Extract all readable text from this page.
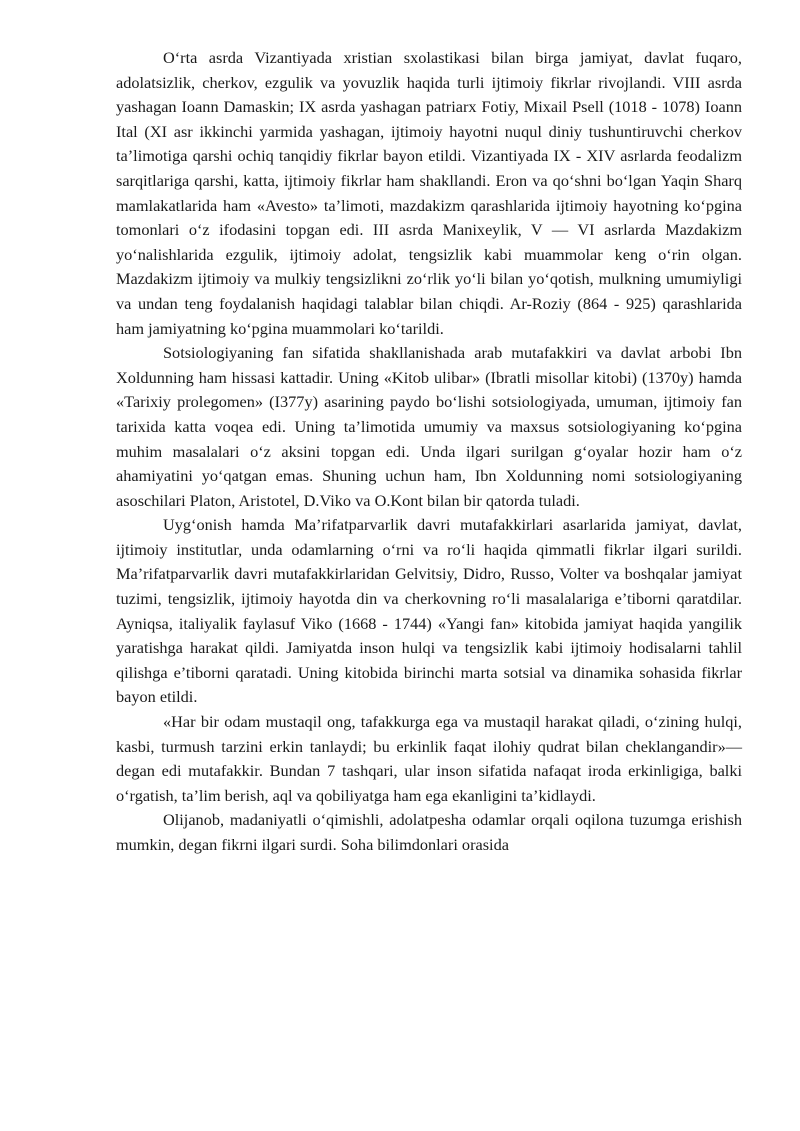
O‘rta asrda Vizantiyada xristian sxolastikasi bilan birga jamiyat, davlat fuqaro, adolatsizlik, cherkov, ezgulik va yovuzlik haqida turli ijtimoiy fikrlar rivojlandi. VIII asrda yashagan Ioann Damaskin; IX asrda yashagan patriarx Fotiy, Mixail Psell (1018 - 1078) Ioann Ital (XI asr ikkinchi yarmida yashagan, ijtimoiy hayotni nuqul diniy tushuntiruvchi cherkov ta’limotiga qarshi ochiq tanqidiy fikrlar bayon etildi. Vizantiyada IX - XIV asrlarda feodalizm sarqitlariga qarshi, katta, ijtimoiy fikrlar ham shakllandi. Eron va qo‘shni bo‘lgan Yaqin Sharq mamlakatlarida ham «Avesto» ta’limoti, mazdakizm qarashlarida ijtimoiy hayotning ko‘pgina tomonlari o‘z ifodasini topgan edi. III asrda Manixeylik, V — VI asrlarda Mazdakizm yo‘nalishlarida ezgulik, ijtimoiy adolat, tengsizlik kabi muammolar keng o‘rin olgan. Mazdakizm ijtimoiy va mulkiy tengsizlikni zo‘rlik yo‘li bilan yo‘qotish, mulkning umumiyligi va undan teng foydalanish haqidagi talablar bilan chiqdi. Ar-Roziy (864 - 925) qarashlarida ham jamiyatning ko‘pgina muammolari ko‘tarildi.

Sotsiologiyaning fan sifatida shakllanishada arab mutafakkiri va davlat arbobi Ibn Xoldunning ham hissasi kattadir. Uning «Kitob ulibar» (Ibratli misollar kitobi) (1370y) hamda «Tarixiy prolegomen» (I377y) asarining paydo bo‘lishi sotsiologiyada, umuman, ijtimoiy fan tarixida katta voqea edi. Uning ta’limotida umumiy va maxsus sotsiologiyaning ko‘pgina muhim masalalari o‘z aksini topgan edi. Unda ilgari surilgan g‘oyalar hozir ham o‘z ahamiyatini yo‘qatgan emas. Shuning uchun ham, Ibn Xoldunning nomi sotsiologiyaning asoschilari Platon, Aristotel, D.Viko va O.Kont bilan bir qatorda tuladi.

Uyg‘onish hamda Ma’rifatparvarlik davri mutafakkirlari asarlarida jamiyat, davlat, ijtimoiy institutlar, unda odamlarning o‘rni va ro‘li haqida qimmatli fikrlar ilgari surildi. Ma’rifatparvarlik davri mutafakkirlaridan Gelvitsiy, Didro, Russo, Volter va boshqalar jamiyat tuzimi, tengsizlik, ijtimoiy hayotda din va cherkovning ro‘li masalalariga e’tiborni qaratdilar. Ayniqsa, italiyalik faylasuf Viko (1668 - 1744) «Yangi fan» kitobida jamiyat haqida yangilik yaratishga harakat qildi. Jamiyatda inson hulqi va tengsizlik kabi ijtimoiy hodisalarni tahlil qilishga e’tiborni qaratadi. Uning kitobida birinchi marta sotsial va dinamika sohasida fikrlar bayon etildi.

«Har bir odam mustaqil ong, tafakkurga ega va mustaqil harakat qiladi, o‘zining hulqi, kasbi, turmush tarzini erkin tanlaydi; bu erkinlik faqat ilohiy qudrat bilan cheklangandir»—degan edi mutafakkir. Bundan 7 tashqari, ular inson sifatida nafaqat iroda erkinligiga, balki o‘rgatish, ta’lim berish, aql va qobiliyatga ham ega ekanligini ta’kidlaydi.

Olijanob, madaniyatli o‘qimishli, adolatpesha odamlar orqali oqilona tuzumga erishish mumkin, degan fikrni ilgari surdi. Soha bilimdonlari orasida
